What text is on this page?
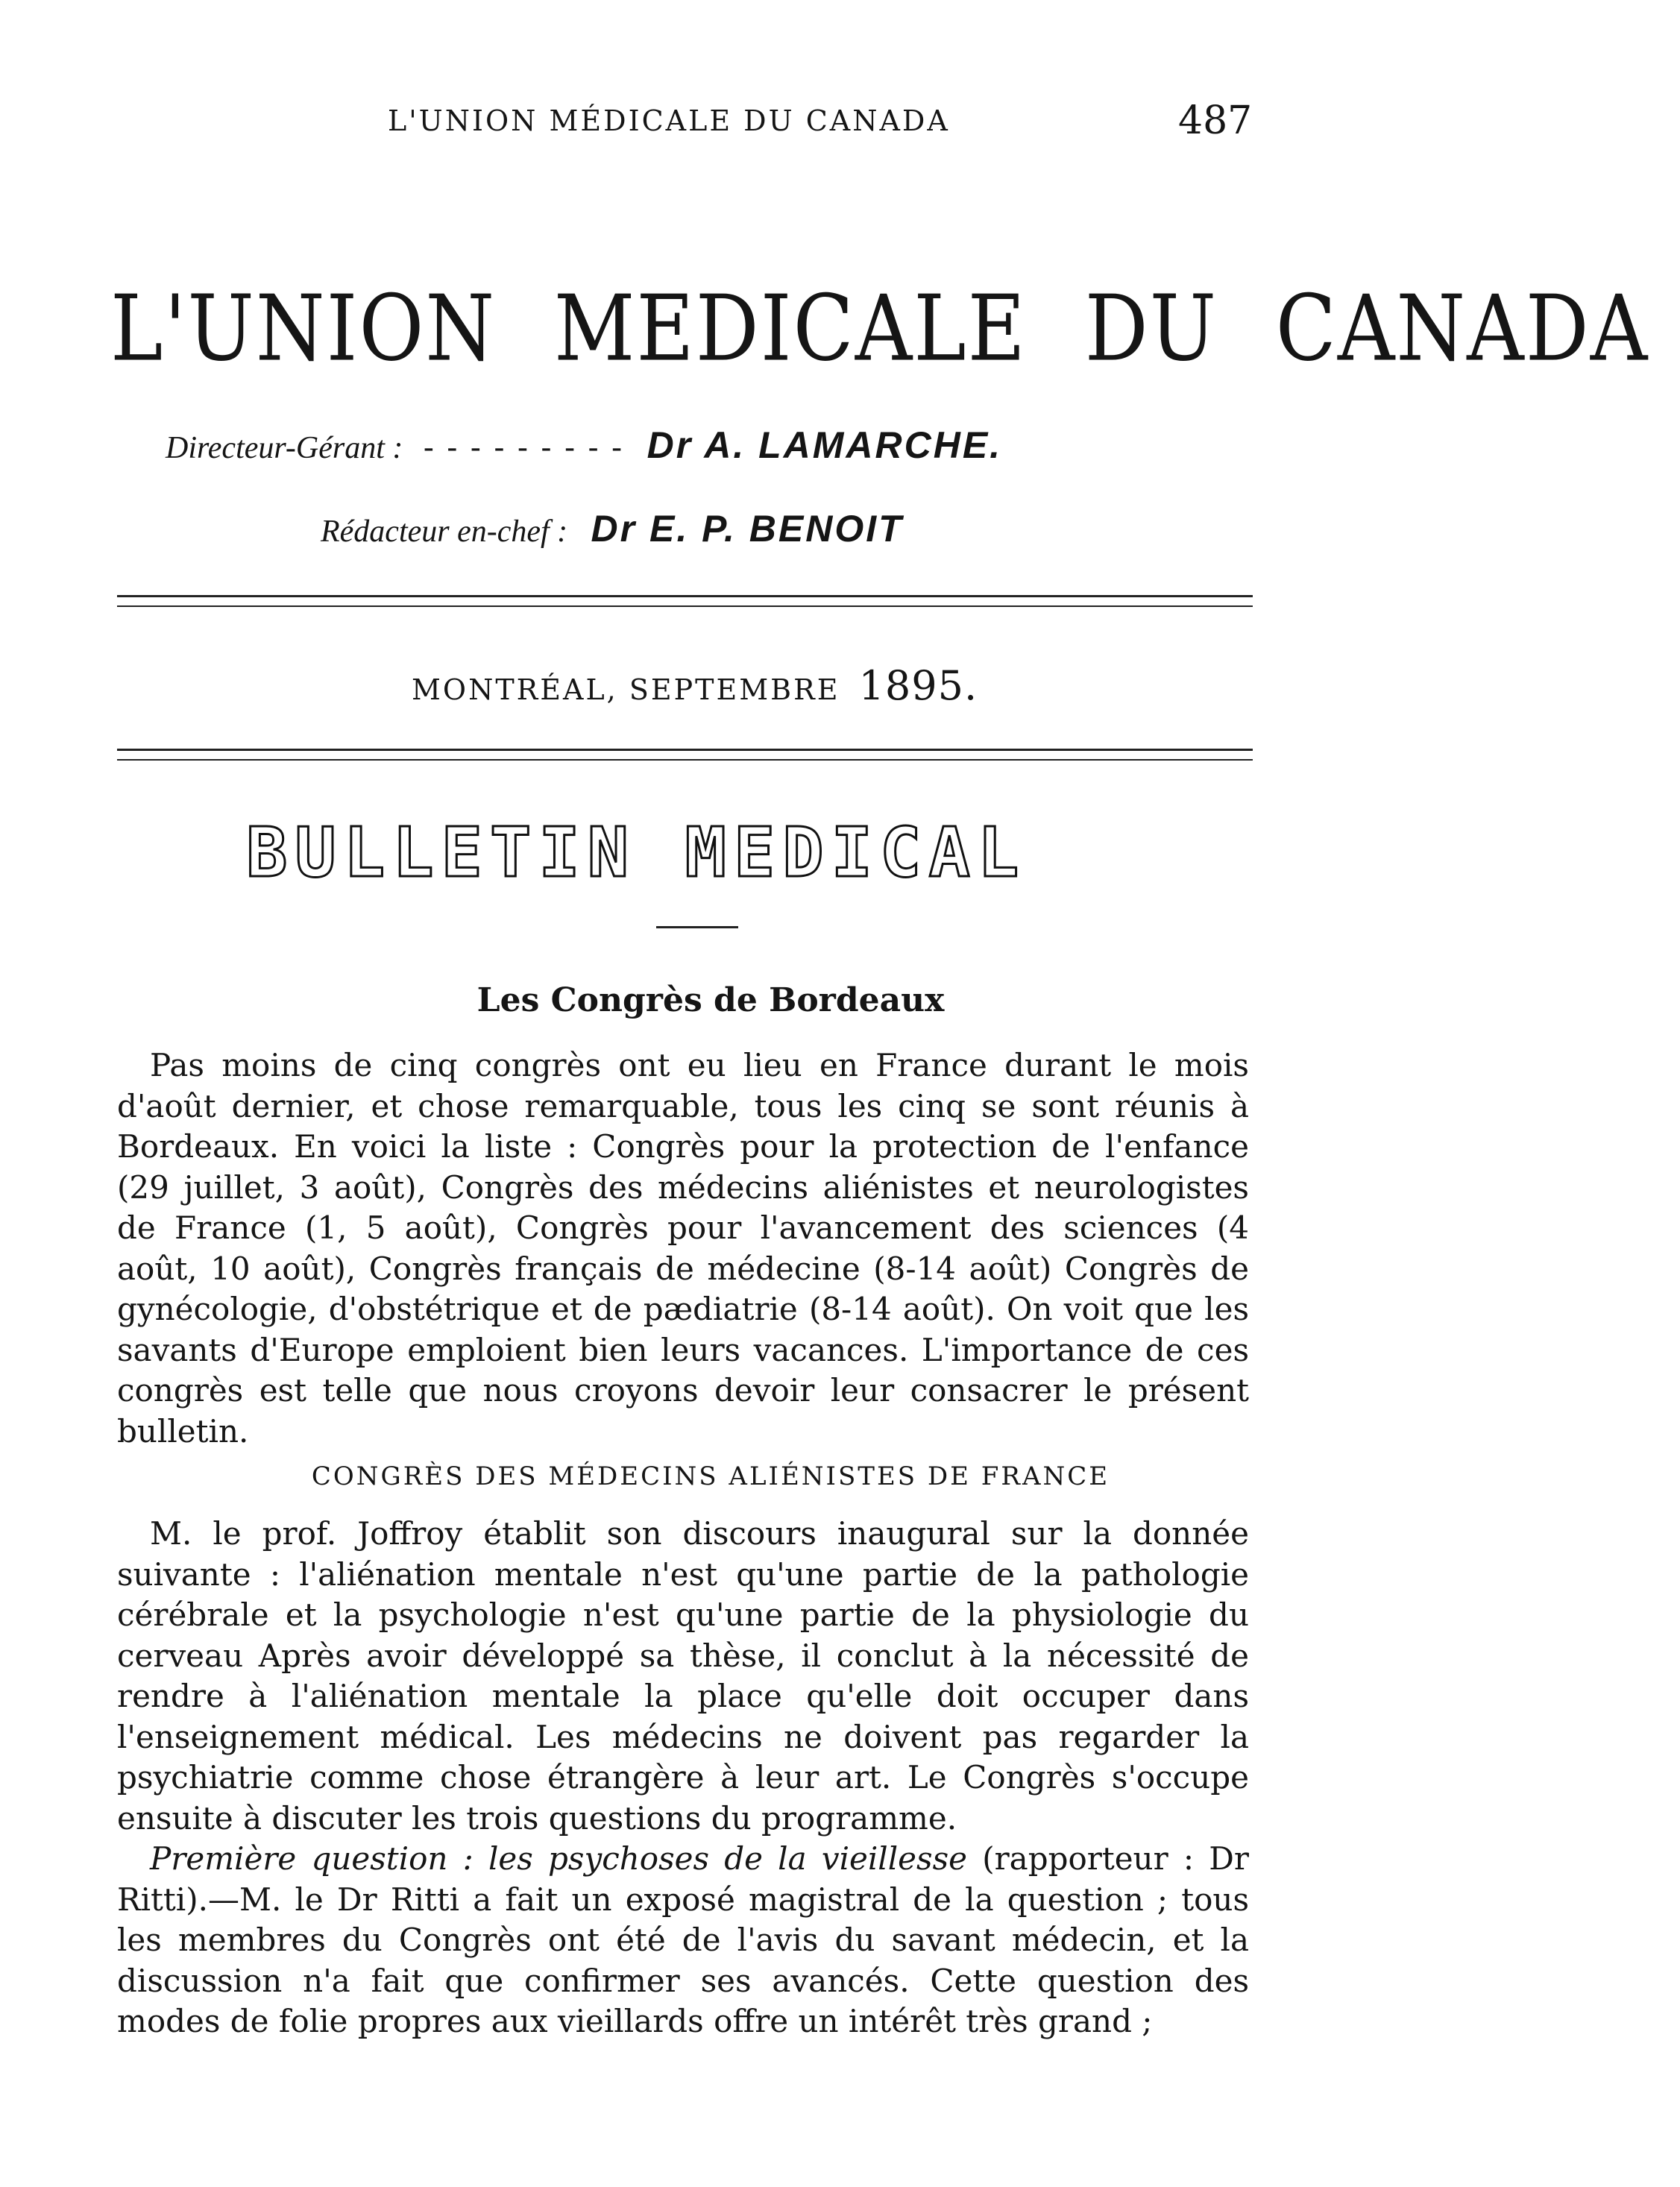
L'UNION MÉDICALE DU CANADA	487
L'UNION MEDICALE DU CANADA
Directeur-Gérant : - - - - - - - - - Dr A. LAMARCHE.
Rédacteur en-chef : Dr E. P. BENOIT
MONTRÉAL, SEPTEMBRE 1895.
BULLETIN MEDICAL
Les Congrès de Bordeaux

Pas moins de cinq congrès ont eu lieu en France durant le mois d'août dernier, et chose remarquable, tous les cinq se sont réunis à Bordeaux. En voici la liste : Congrès pour la protection de l'enfance (29 juillet, 3 août), Congrès des médecins aliénistes et neurologistes de France (1, 5 août), Congrès pour l'avancement des sciences (4 août, 10 août), Congrès français de médecine (8-14 août) Congrès de gynécologie, d'obstétrique et de pædiatrie (8-14 août). On voit que les savants d'Europe emploient bien leurs vacances. L'importance de ces congrès est telle que nous croyons devoir leur consacrer le présent bulletin.

CONGRÈS DES MÉDECINS ALIÉNISTES DE FRANCE

M. le prof. Joffroy établit son discours inaugural sur la donnée suivante : l'aliénation mentale n'est qu'une partie de la pathologie cérébrale et la psychologie n'est qu'une partie de la physiologie du cerveau Après avoir développé sa thèse, il conclut à la nécessité de rendre à l'aliénation mentale la place qu'elle doit occuper dans l'enseignement médical. Les médecins ne doivent pas regarder la psychiatrie comme chose étrangère à leur art. Le Congrès s'occupe ensuite à discuter les trois questions du programme.

Première question : les psychoses de la vieillesse (rapporteur : Dr Ritti).—M. le Dr Ritti a fait un exposé magistral de la question ; tous les membres du Congrès ont été de l'avis du savant médecin, et la discussion n'a fait que confirmer ses avancés. Cette question des modes de folie propres aux vieillards offre un intérêt très grand ;
